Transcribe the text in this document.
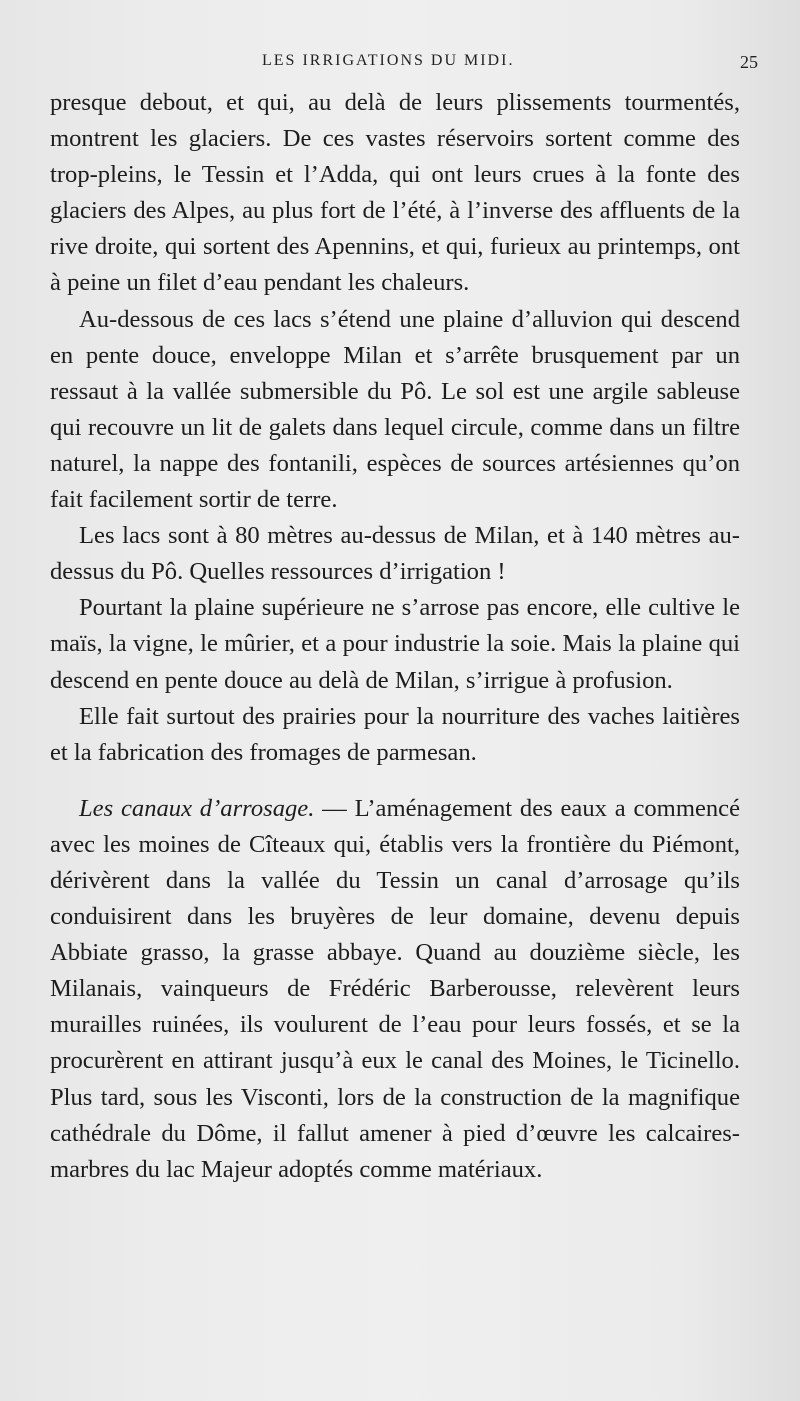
LES IRRIGATIONS DU MIDI.	25

presque debout, et qui, au delà de leurs plissements tourmentés, montrent les glaciers. De ces vastes réservoirs sortent comme des trop-pleins, le Tessin et l’Adda, qui ont leurs crues à la fonte des glaciers des Alpes, au plus fort de l’été, à l’inverse des affluents de la rive droite, qui sortent des Apennins, et qui, furieux au printemps, ont à peine un filet d’eau pendant les chaleurs.

Au-dessous de ces lacs s’étend une plaine d’alluvion qui descend en pente douce, enveloppe Milan et s’arrête brusquement par un ressaut à la vallée submersible du Pô. Le sol est une argile sableuse qui recouvre un lit de galets dans lequel circule, comme dans un filtre naturel, la nappe des fontanili, espèces de sources artésiennes qu’on fait facilement sortir de terre.

Les lacs sont à 80 mètres au-dessus de Milan, et à 140 mètres au-dessus du Pô. Quelles ressources d’irrigation !

Pourtant la plaine supérieure ne s’arrose pas encore, elle cultive le maïs, la vigne, le mûrier, et a pour industrie la soie. Mais la plaine qui descend en pente douce au delà de Milan, s’irrigue à profusion.

Elle fait surtout des prairies pour la nourriture des vaches laitières et la fabrication des fromages de parmesan.

Les canaux d’arrosage. — L’aménagement des eaux a commencé avec les moines de Cîteaux qui, établis vers la frontière du Piémont, dérivèrent dans la vallée du Tessin un canal d’arrosage qu’ils conduisirent dans les bruyères de leur domaine, devenu depuis Abbiate grasso, la grasse abbaye. Quand au douzième siècle, les Milanais, vainqueurs de Frédéric Barberousse, relevèrent leurs murailles ruinées, ils voulurent de l’eau pour leurs fossés, et se la procurèrent en attirant jusqu’à eux le canal des Moines, le Ticinello. Plus tard, sous les Visconti, lors de la construction de la magnifique cathédrale du Dôme, il fallut amener à pied d’œuvre les calcaires-marbres du lac Majeur adoptés comme matériaux.
